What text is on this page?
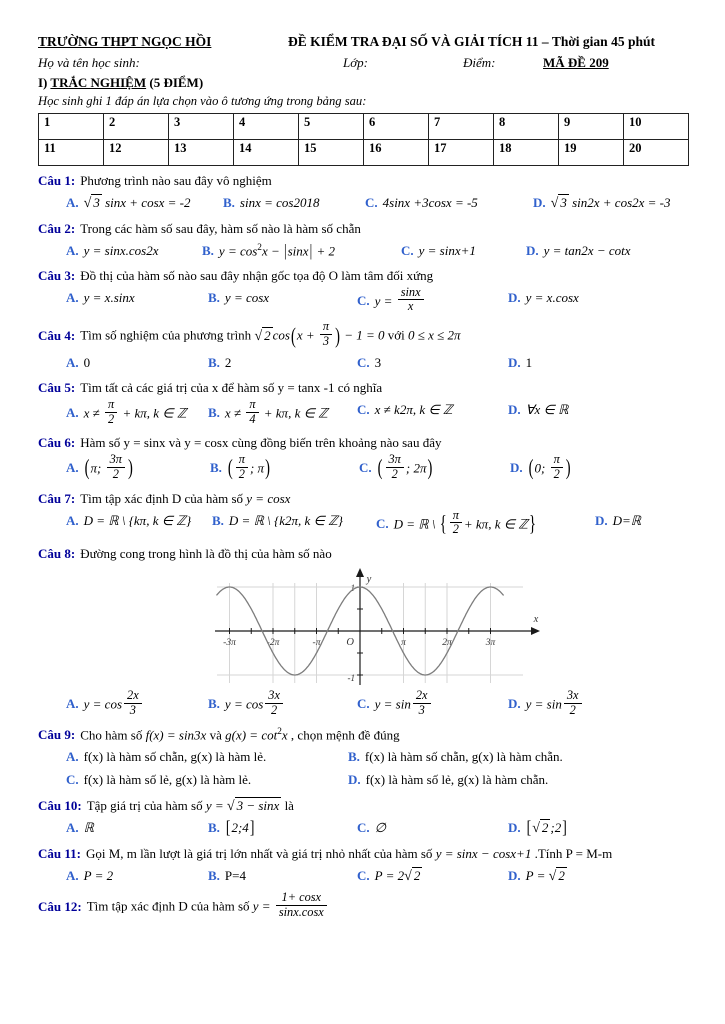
TRƯỜNG THPT NGỌC HỒI	ĐỀ KIỂM TRA ĐẠI SỐ VÀ GIẢI TÍCH 11 – Thời gian 45 phút
Họ và tên học sinh:	Lớp:	Điểm:	MÃ ĐỀ 209
I) TRẮC NGHIỆM (5 ĐIỂM)
Học sinh ghi 1 đáp án lựa chọn vào ô tương ứng trong bảng sau:
1	2	3	4	5	6	7	8	9	10
11	12	13	14	15	16	17	18	19	20
Câu 1: Phương trình nào sau đây vô nghiệm
A. √ 3 sinx + cosx = -2	B. sinx = cos2018	C. 4sinx +3cosx = -5	D. √ 3 sin2x + cos2x = -3
Câu 2: Trong các hàm số sau đây, hàm số nào là hàm số chẵn
A. y = sinx.cos2x	B. $y = \cos^2x - |\sin x| + 2$	C. y = sinx+1	D. y = tan2x − cotx
Câu 3: Đồ thị của hàm số nào sau đây nhận gốc tọa độ O làm tâm đối xứng
A. y = x.sinx	B. y = cosx	C. $y = \frac{\sin x}{x}$	D. y = x.cosx
Câu 4: Tìm số nghiệm của phương trình √ 2 $\cos(x + \frac{\pi}{3}$ ) − 1 = 0 với 0 ≤ x ≤ 2π
A. 0	B. 2	C. 3	D. 1
Câu 5: Tìm tất cả các giá trị của x để hàm số y = tanx -1 có nghĩa
A. $x \ne \frac{\pi}{2} + k\pi$, k ∈ ℤ	B. $x \ne \frac{\pi}{4} + k\pi$, k ∈ ℤ	C. x ≠ k2π, k ∈ ℤ	D. ∀x ∈ ℝ
Câu 6: Hàm số y = sinx và y = cosx cùng đồng biến trên khoảng nào sau đây
A. (π; $\frac{3\pi}{2}$ )	B. ( $\frac{\pi}{2}$ ; π)	C. ( $\frac{3\pi}{2}$ ; 2π)	D. (0; $\frac{\pi}{2}$ )
Câu 7: Tìm tập xác định D của hàm số y = cosx
A. D = ℝ \ {kπ, k ∈ ℤ}	B. D = ℝ \ {k2π, k ∈ ℤ}	C. D = ℝ \ { $\frac{\pi}{2} + k\pi$, k ∈ ℤ}	D. D=ℝ
Câu 8: Đường cong trong hình là đồ thị của hàm số nào
-3π	-2π	-π	π	2π	3π
O
1
-1
x
y
A. $y = \cos \frac{2x}{3}$	B. $y = \cos \frac{3x}{2}$	C. $y = \sin \frac{2x}{3}$	D. $y = \sin \frac{3x}{2}$
Câu 9: Cho hàm số f(x) = sin3x và $g(x) = \cot^2x$ , chọn mệnh đề đúng
A. f(x) là hàm số chẵn, g(x) là hàm lẻ.	B. f(x) là hàm số chẵn, g(x) là hàm chẵn.
C. f(x) là hàm số lẻ, g(x) là hàm lẻ.	D. f(x) là hàm số lẻ, g(x) là hàm chẵn.
Câu 10: Tập giá trị của hàm số y = √ 3 − sinx là
A. ℝ	B. [2;4]	C. ∅	D. [√ 2 ;2]
Câu 11: Gọi M, m lần lượt là giá trị lớn nhất và giá trị nhỏ nhất của hàm số y = sinx − cosx+1 .Tính P = M-m
A. P = 2	B. P=4	C. P = 2√ 2	D. P = √ 2
Câu 12: Tìm tập xác định D của hàm số $y = \frac{1+ \cos x}{\sin x.\cos x}$
